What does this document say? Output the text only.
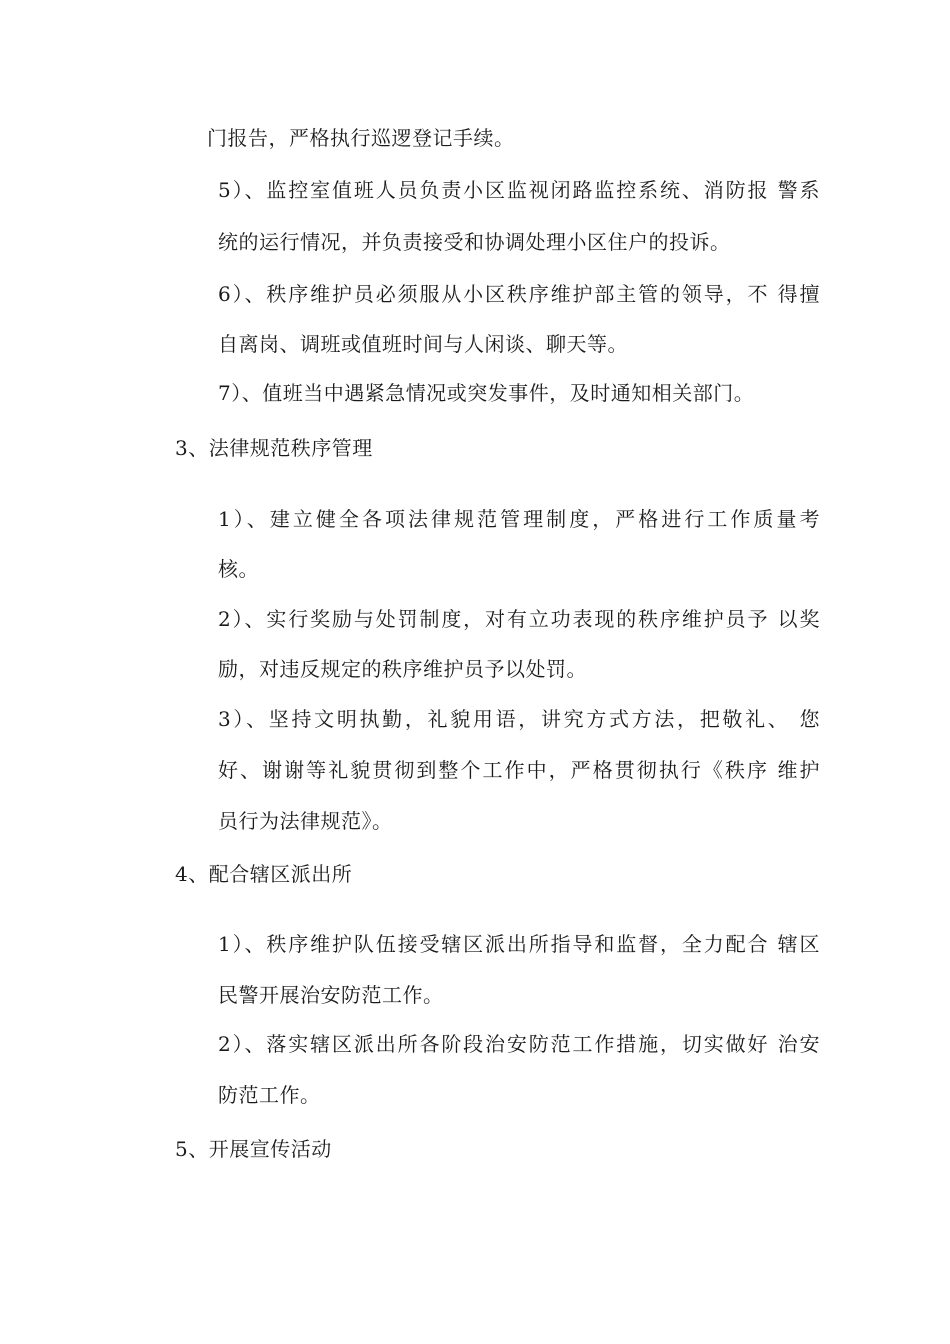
门报告，严格执行巡逻登记手续。
5）、监控室值班人员负责小区监视闭路监控系统、消防报 警系
统的运行情况，并负责接受和协调处理小区住户的投诉。
6）、秩序维护员必须服从小区秩序维护部主管的领导，不 得擅
自离岗、调班或值班时间与人闲谈、聊天等。
7）、值班当中遇紧急情况或突发事件，及时通知相关部门。
3、法律规范秩序管理
1）、建立健全各项法律规范管理制度，严格进行工作质量考
核。
2）、实行奖励与处罚制度，对有立功表现的秩序维护员予 以奖
励，对违反规定的秩序维护员予以处罚。
3）、坚持文明执勤，礼貌用语，讲究方式方法，把敬礼、 您
好、谢谢等礼貌贯彻到整个工作中，严格贯彻执行《秩序 维护
员行为法律规范》。
4、配合辖区派出所
1）、秩序维护队伍接受辖区派出所指导和监督，全力配合 辖区
民警开展治安防范工作。
2）、落实辖区派出所各阶段治安防范工作措施，切实做好 治安
防范工作。
5、开展宣传活动
